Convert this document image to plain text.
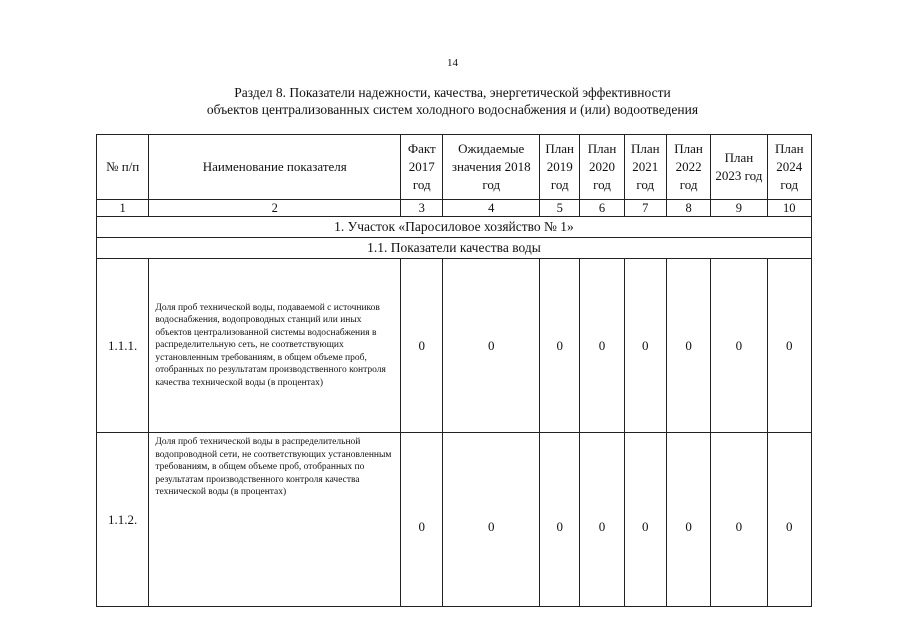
14
Раздел 8. Показатели надежности, качества, энергетической эффективности
объектов централизованных систем холодного водоснабжения и (или) водоотведения
№ п/п	Наименование показателя	Факт 2017 год	Ожидаемые значения 2018 год	План 2019 год	План 2020 год	План 2021 год	План 2022 год	План 2023 год	План 2024 год
1	2	3	4	5	6	7	8	9	10
1. Участок «Паросиловое хозяйство № 1»									
1.1. Показатели качества воды									
1.1.1.	Доля проб технической воды, подаваемой с источников водоснабжения, водопроводных станций или иных объектов централизованной системы водоснабжения в распределительную сеть, не соответствующих установленным требованиям, в общем объеме проб, отобранных по результатам производственного контроля качества технической воды (в процентах)	0	0	0	0	0	0	0	0
1.1.2.	Доля проб технической воды в распределительной водопроводной сети, не соответствующих установленным требованиям, в общем объеме проб, отобранных по результатам производственного контроля качества технической воды (в процентах)	0	0	0	0	0	0	0	0
